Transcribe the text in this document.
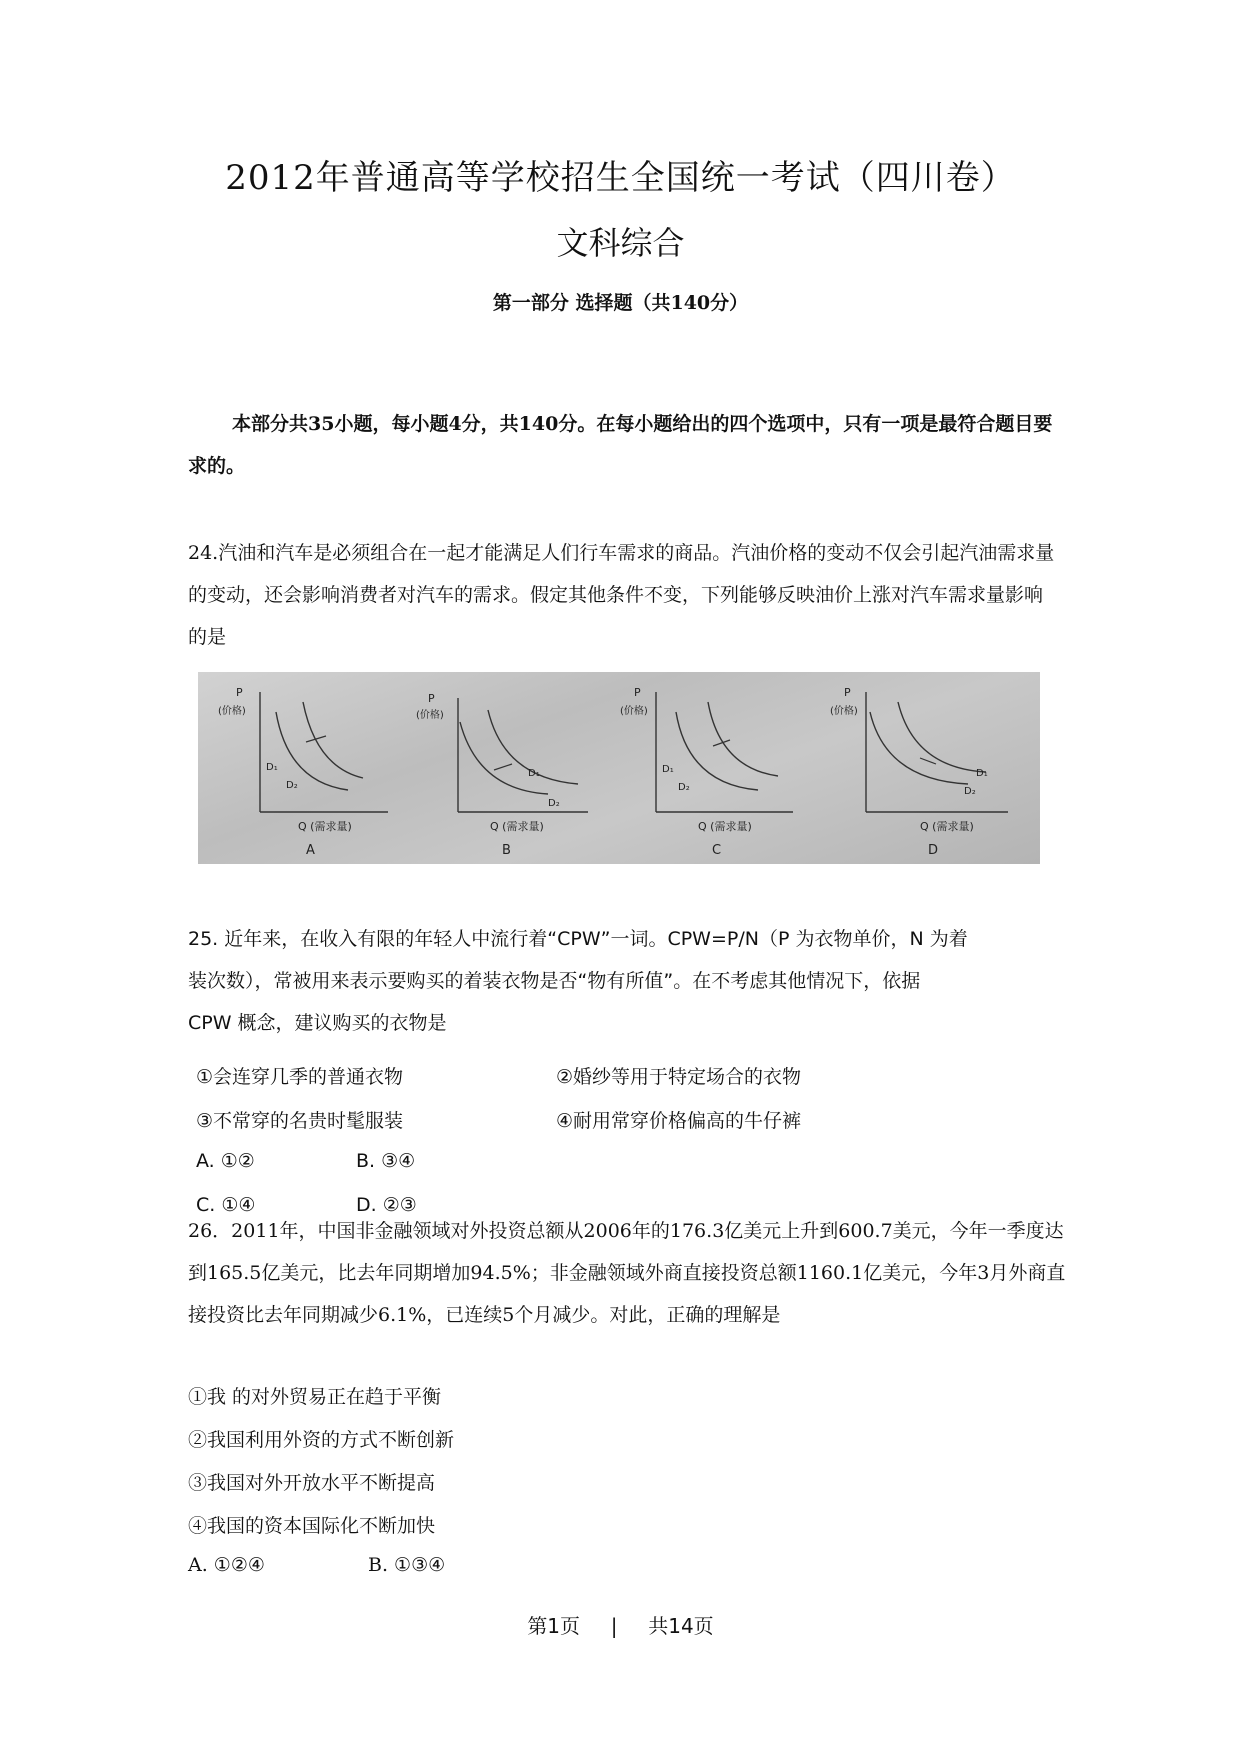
2012年普通高等学校招生全国统一考试（四川卷）
文科综合
第一部分 选择题（共140分）
本部分共35小题，每小题4分，共140分。在每小题给出的四个选项中，只有一项是最符合题目要求的。
24.汽油和汽车是必须组合在一起才能满足人们行车需求的商品。汽油价格的变动不仅会引起汽油需求量的变动，还会影响消费者对汽车的需求。假定其他条件不变，下列能够反映油价上涨对汽车需求量影响的是
P
(价格)
D₁
D₂
Q (需求量)
A
P
(价格)
D₁
D₂
Q (需求量)
B
P
(价格)
D₁
D₂
Q (需求量)
C
P
(价格)
D₁
D₂
Q (需求量)
D
25. 近年来，在收入有限的年轻人中流行着“CPW”一词。CPW=P/N（P 为衣物单价，N 为着
装次数），常被用来表示要购买的着装衣物是否“物有所值”。在不考虑其他情况下，依据
CPW 概念，建议购买的衣物是
①会连穿几季的普通衣物	②婚纱等用于特定场合的衣物
③不常穿的名贵时髦服装	④耐用常穿价格偏高的牛仔裤
A. ①②	B. ③④
C. ①④	D. ②③
26．2011年，中国非金融领域对外投资总额从2006年的176.3亿美元上升到600.7美元，今年一季度达到165.5亿美元，比去年同期增加94.5%；非金融领域外商直接投资总额1160.1亿美元，今年3月外商直接投资比去年同期减少6.1%，已连续5个月减少。对此，正确的理解是
①我 的对外贸易正在趋于平衡
②我国利用外资的方式不断创新
③我国对外开放水平不断提高
④我国的资本国际化不断加快
A. ①②④	B. ①③④
第1页 | 共14页
